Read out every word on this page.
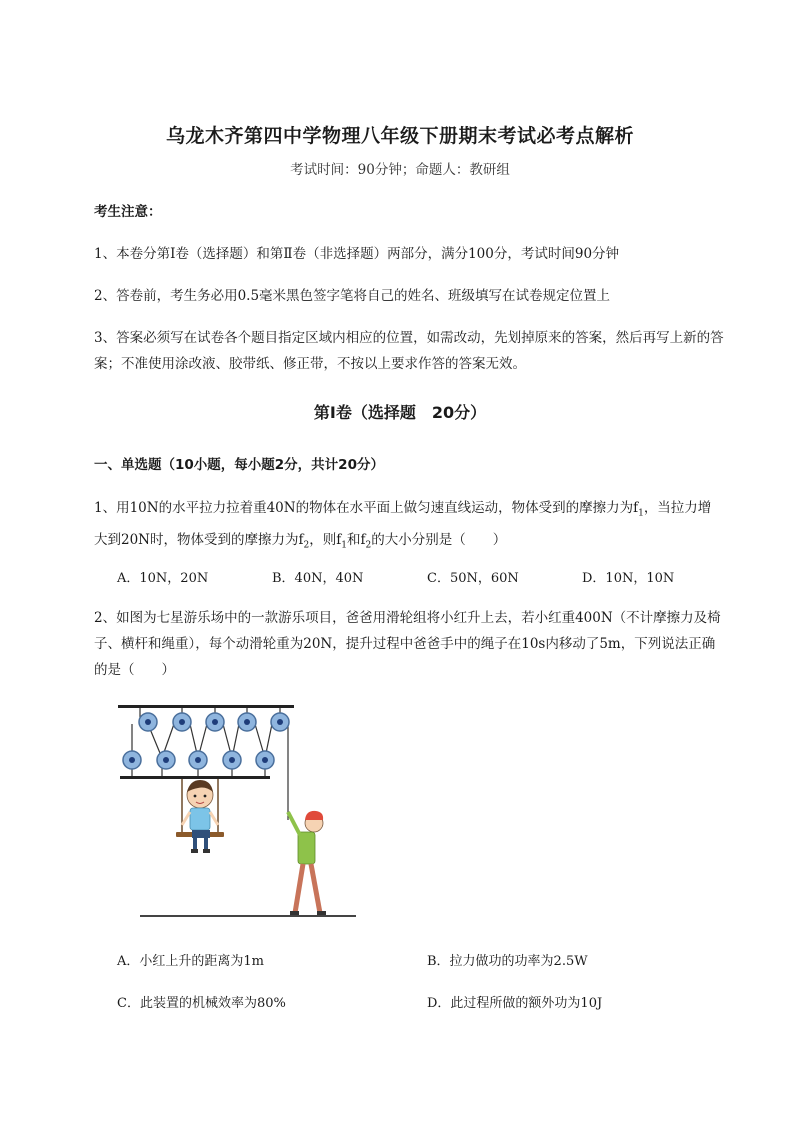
乌龙木齐第四中学物理八年级下册期末考试必考点解析
考试时间：90分钟；命题人：教研组
考生注意：
1、本卷分第I卷（选择题）和第Ⅱ卷（非选择题）两部分，满分100分，考试时间90分钟
2、答卷前，考生务必用0.5毫米黑色签字笔将自己的姓名、班级填写在试卷规定位置上
3、答案必须写在试卷各个题目指定区域内相应的位置，如需改动，先划掉原来的答案，然后再写上新的答案；不准使用涂改液、胶带纸、修正带，不按以上要求作答的答案无效。
第I卷（选择题　20分）
一、单选题（10小题，每小题2分，共计20分）
1、用10N的水平拉力拉着重40N的物体在水平面上做匀速直线运动，物体受到的摩擦力为$f_1$，当拉力增大到20N时，物体受到的摩擦力为$f_2$，则$f_1$和$f_2$的大小分别是（　　）
A．10N，20N	B．40N，40N	C．50N，60N	D．10N，10N
2、如图为七星游乐场中的一款游乐项目，爸爸用滑轮组将小红升上去，若小红重400N（不计摩擦力及椅子、横杆和绳重），每个动滑轮重为20N，提升过程中爸爸手中的绳子在10s内移动了5m，下列说法正确的是（　　）
A．小红上升的距离为1m	B．拉力做功的功率为2.5W
C．此装置的机械效率为80%	D．此过程所做的额外功为10J
